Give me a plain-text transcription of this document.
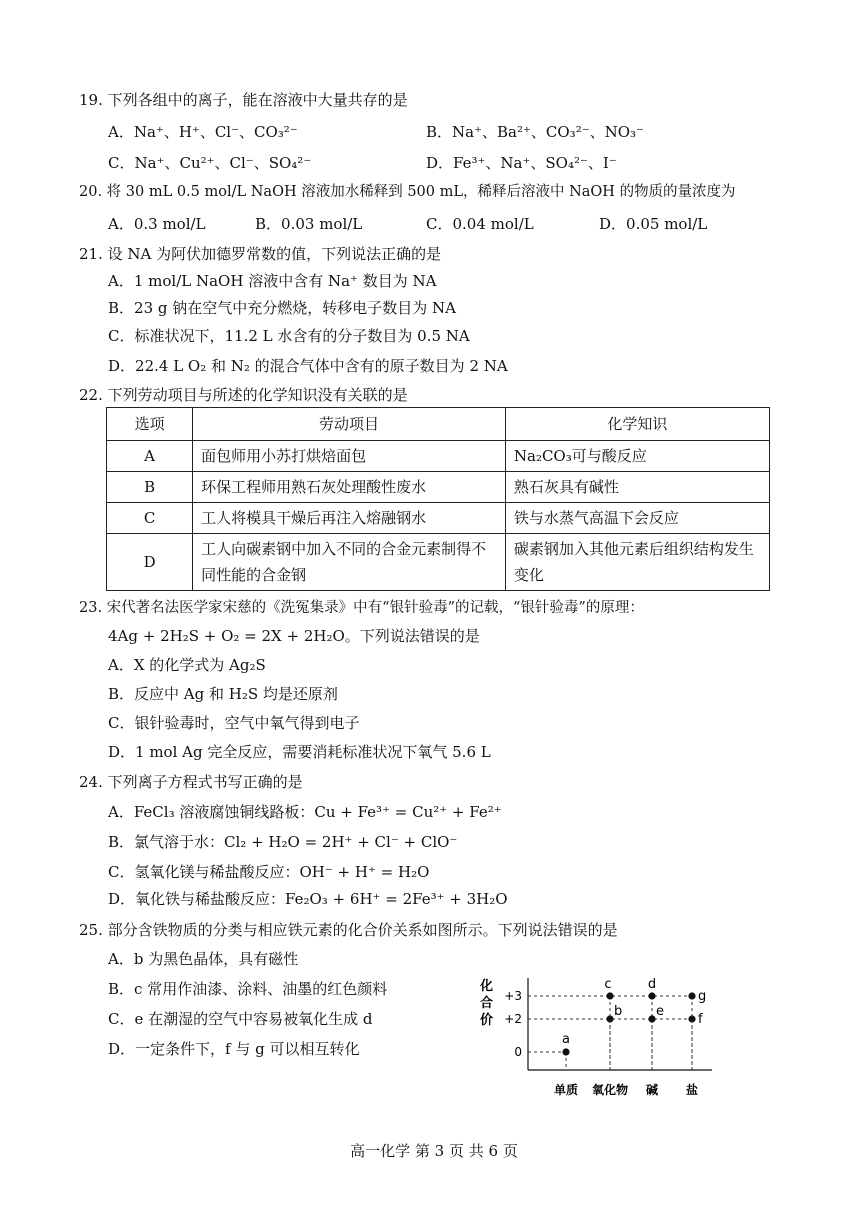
19. 下列各组中的离子，能在溶液中大量共存的是
A．Na⁺、H⁺、Cl⁻、CO₃²⁻	B．Na⁺、Ba²⁺、CO₃²⁻、NO₃⁻
C．Na⁺、Cu²⁺、Cl⁻、SO₄²⁻	D．Fe³⁺、Na⁺、SO₄²⁻、I⁻
20. 将 30 mL 0.5 mol/L NaOH 溶液加水稀释到 500 mL，稀释后溶液中 NaOH 的物质的量浓度为
A．0.3 mol/L	B．0.03 mol/L	C．0.04 mol/L	D．0.05 mol/L
21. 设 NA 为阿伏加德罗常数的值，下列说法正确的是
A．1 mol/L NaOH 溶液中含有 Na⁺ 数目为 NA
B．23 g 钠在空气中充分燃烧，转移电子数目为 NA
C．标准状况下，11.2 L 水含有的分子数目为 0.5 NA
D．22.4 L O₂ 和 N₂ 的混合气体中含有的原子数目为 2 NA
22. 下列劳动项目与所述的化学知识没有关联的是
选项	劳动项目	化学知识
A	面包师用小苏打烘焙面包	Na₂CO₃可与酸反应
B	环保工程师用熟石灰处理酸性废水	熟石灰具有碱性
C	工人将模具干燥后再注入熔融钢水	铁与水蒸气高温下会反应
D	工人向碳素钢中加入不同的合金元素制得不同性能的合金钢	碳素钢加入其他元素后组织结构发生变化
23. 宋代著名法医学家宋慈的《洗冤集录》中有“银针验毒”的记载，“银针验毒”的原理：
4Ag + 2H₂S + O₂ = 2X + 2H₂O。下列说法错误的是
A．X 的化学式为 Ag₂S
B．反应中 Ag 和 H₂S 均是还原剂
C．银针验毒时，空气中氧气得到电子
D．1 mol Ag 完全反应，需要消耗标准状况下氧气 5.6 L
24. 下列离子方程式书写正确的是
A．FeCl₃ 溶液腐蚀铜线路板：Cu + Fe³⁺ = Cu²⁺ + Fe²⁺
B．氯气溶于水：Cl₂ + H₂O = 2H⁺ + Cl⁻ + ClO⁻
C．氢氧化镁与稀盐酸反应：OH⁻ + H⁺ = H₂O
D．氧化铁与稀盐酸反应：Fe₂O₃ + 6H⁺ = 2Fe³⁺ + 3H₂O
25. 部分含铁物质的分类与相应铁元素的化合价关系如图所示。下列说法错误的是
A．b 为黑色晶体，具有磁性
B．c 常用作油漆、涂料、油墨的红色颜料
C．e 在潮湿的空气中容易被氧化生成 d
D．一定条件下，f 与 g 可以相互转化
化
合
价
+3
+2
0
单质 氧化物 碱 盐
a
b
c	d
e
f
g
高一化学 第 3 页 共 6 页
